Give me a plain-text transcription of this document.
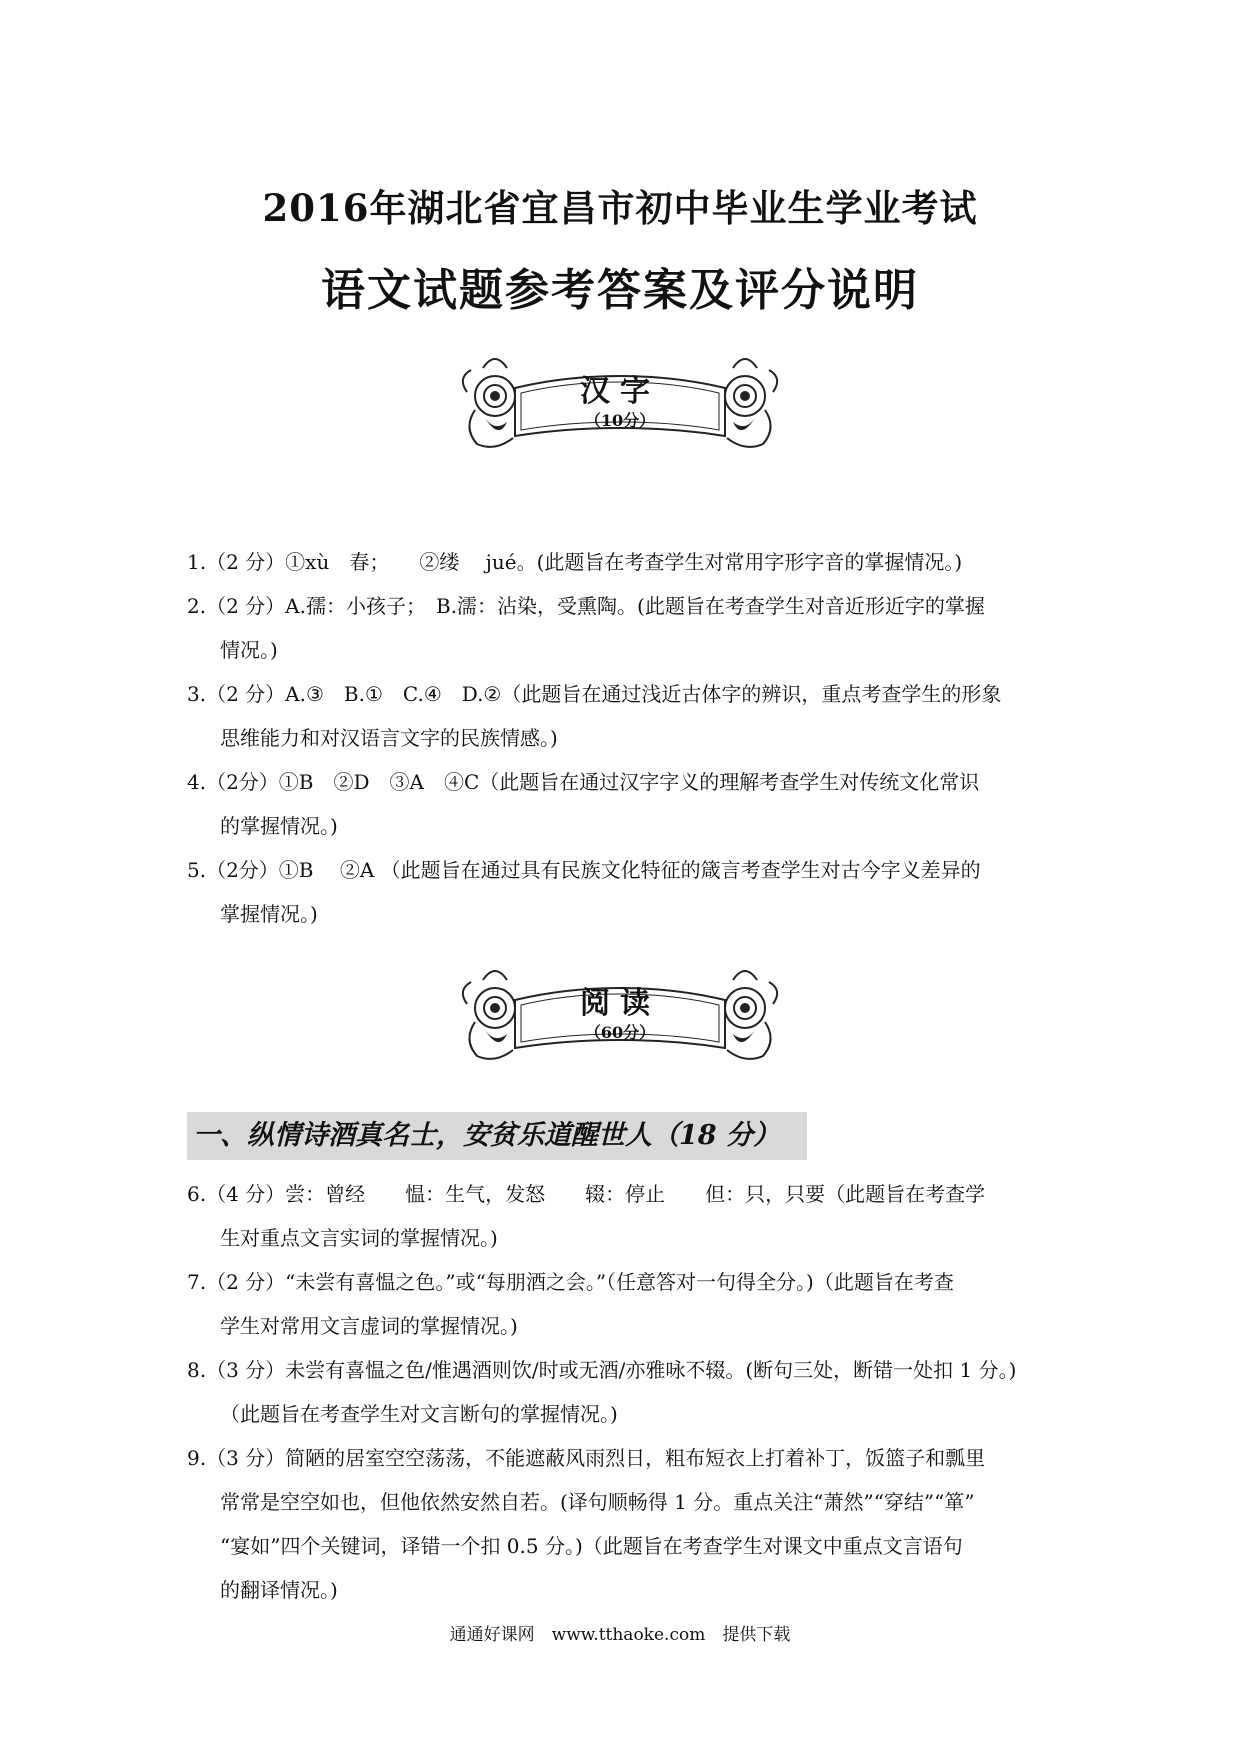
2016年湖北省宜昌市初中毕业生学业考试
语文试题参考答案及评分说明
汉字
（10分）

1.（2 分）①xù　春；　　②缕　 jué。(此题旨在考查学生对常用字形字音的掌握情况。)

2.（2 分）A.孺：小孩子；　B.濡：沾染，受熏陶。(此题旨在考查学生对音近形近字的掌握

情况。)

3.（2 分）A.③　B.①　C.④　D.②（此题旨在通过浅近古体字的辨识，重点考查学生的形象

思维能力和对汉语言文字的民族情感。)

4.（2分）①B　②D　③A　④C（此题旨在通过汉字字义的理解考查学生对传统文化常识

的掌握情况。)

5.（2分）①B　 ②A （此题旨在通过具有民族文化特征的箴言考查学生对古今字义差异的

掌握情况。)

阅读
（60分）
一、纵情诗酒真名士，安贫乐道醒世人（18 分）

6.（4 分）尝：曾经　　愠：生气，发怒　　辍：停止　　但：只，只要（此题旨在考查学

生对重点文言实词的掌握情况。)

7.（2 分）“未尝有喜愠之色。”或“每朋酒之会。”（任意答对一句得全分。)（此题旨在考查

学生对常用文言虚词的掌握情况。)

8.（3 分）未尝有喜愠之色/惟遇酒则饮/时或无酒/亦雅咏不辍。(断句三处，断错一处扣 1 分。)

（此题旨在考查学生对文言断句的掌握情况。)

9.（3 分）简陋的居室空空荡荡，不能遮蔽风雨烈日，粗布短衣上打着补丁，饭篮子和瓢里

常常是空空如也，但他依然安然自若。(译句顺畅得 1 分。重点关注“萧然”“穿结”“箪”

“宴如”四个关键词，译错一个扣 0.5 分。)（此题旨在考查学生对课文中重点文言语句

的翻译情况。)

通通好课网　www.tthaoke.com　提供下载
